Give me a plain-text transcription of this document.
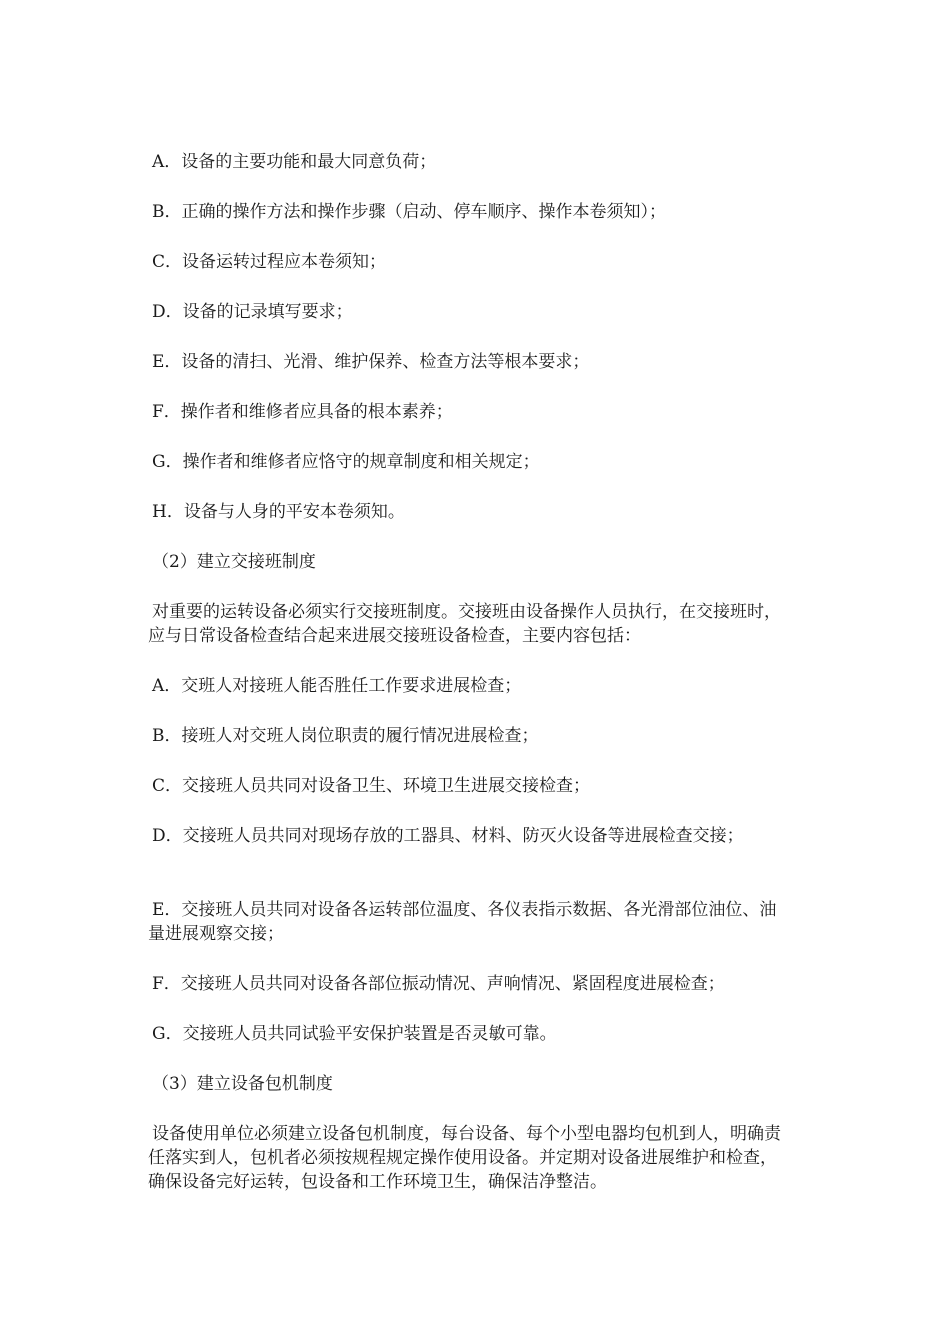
A．设备的主要功能和最大同意负荷；

B．正确的操作方法和操作步骤（启动、停车顺序、操作本卷须知）；

C．设备运转过程应本卷须知；

D．设备的记录填写要求；

E．设备的清扫、光滑、维护保养、检查方法等根本要求；

F．操作者和维修者应具备的根本素养；

G．操作者和维修者应恪守的规章制度和相关规定；

H．设备与人身的平安本卷须知。

（2）建立交接班制度

对重要的运转设备必须实行交接班制度。交接班由设备操作人员执行，在交接班时，应与日常设备检查结合起来进展交接班设备检查，主要内容包括：

A．交班人对接班人能否胜任工作要求进展检查；

B．接班人对交班人岗位职责的履行情况进展检查；

C．交接班人员共同对设备卫生、环境卫生进展交接检查；

D．交接班人员共同对现场存放的工器具、材料、防灭火设备等进展检查交接；

E．交接班人员共同对设备各运转部位温度、各仪表指示数据、各光滑部位油位、油量进展观察交接；

F．交接班人员共同对设备各部位振动情况、声响情况、紧固程度进展检查；

G．交接班人员共同试验平安保护装置是否灵敏可靠。

（3）建立设备包机制度

设备使用单位必须建立设备包机制度，每台设备、每个小型电器均包机到人，明确责任落实到人，包机者必须按规程规定操作使用设备。并定期对设备进展维护和检查，确保设备完好运转，包设备和工作环境卫生，确保洁净整洁。
